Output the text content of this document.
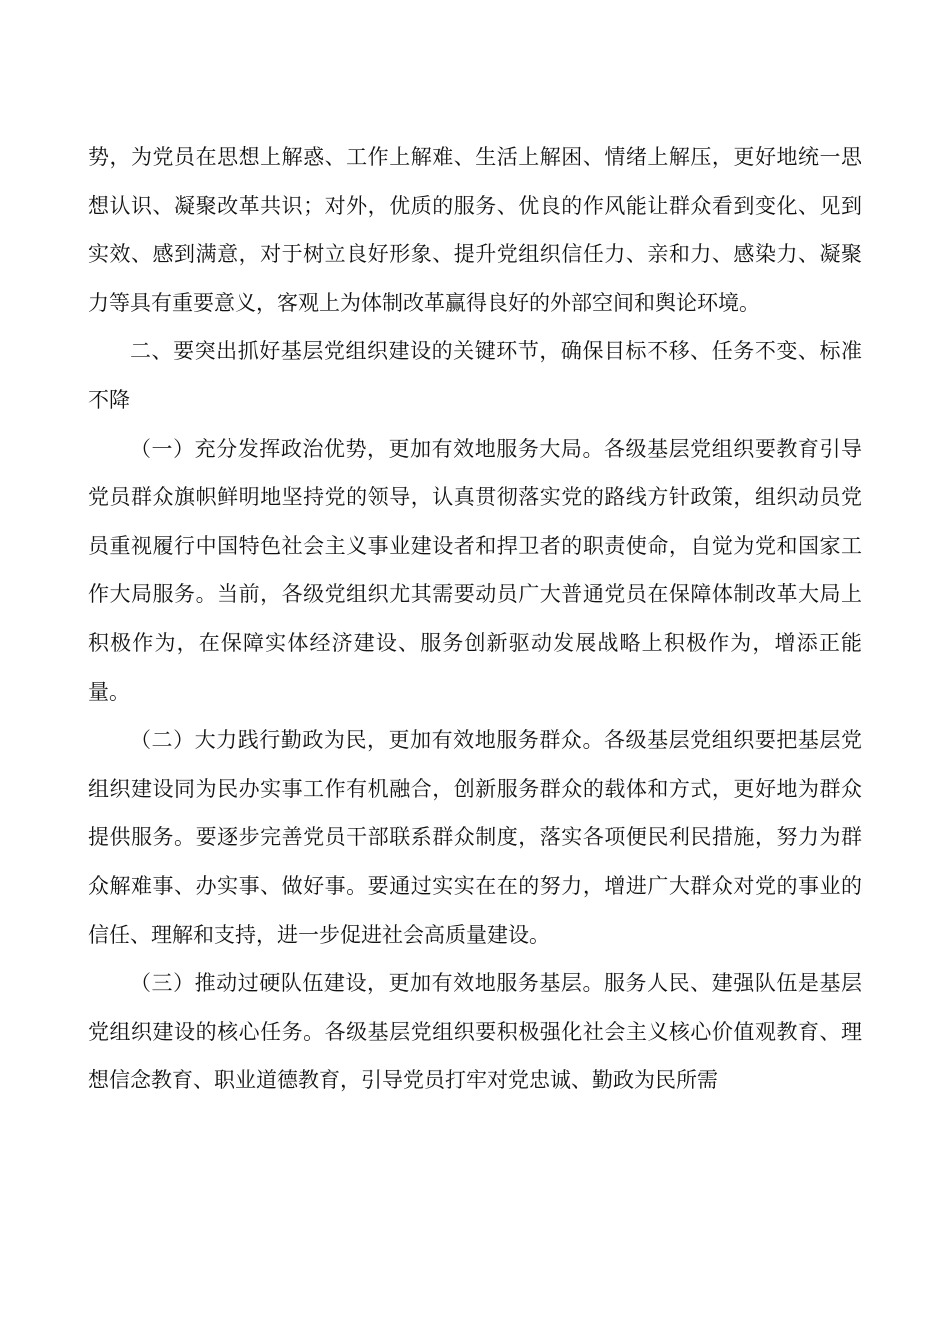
势，为党员在思想上解惑、工作上解难、生活上解困、情绪上解压，更好地统一思想认识、凝聚改革共识；对外，优质的服务、优良的作风能让群众看到变化、见到实效、感到满意，对于树立良好形象、提升党组织信任力、亲和力、感染力、凝聚力等具有重要意义，客观上为体制改革赢得良好的外部空间和舆论环境。

二、要突出抓好基层党组织建设的关键环节，确保目标不移、任务不变、标准不降

（一）充分发挥政治优势，更加有效地服务大局。各级基层党组织要教育引导党员群众旗帜鲜明地坚持党的领导，认真贯彻落实党的路线方针政策，组织动员党员重视履行中国特色社会主义事业建设者和捍卫者的职责使命，自觉为党和国家工作大局服务。当前，各级党组织尤其需要动员广大普通党员在保障体制改革大局上积极作为，在保障实体经济建设、服务创新驱动发展战略上积极作为，增添正能量。

（二）大力践行勤政为民，更加有效地服务群众。各级基层党组织要把基层党组织建设同为民办实事工作有机融合，创新服务群众的载体和方式，更好地为群众提供服务。要逐步完善党员干部联系群众制度，落实各项便民利民措施，努力为群众解难事、办实事、做好事。要通过实实在在的努力，增进广大群众对党的事业的信任、理解和支持，进一步促进社会高质量建设。

（三）推动过硬队伍建设，更加有效地服务基层。服务人民、建强队伍是基层党组织建设的核心任务。各级基层党组织要积极强化社会主义核心价值观教育、理想信念教育、职业道德教育，引导党员打牢对党忠诚、勤政为民所需
